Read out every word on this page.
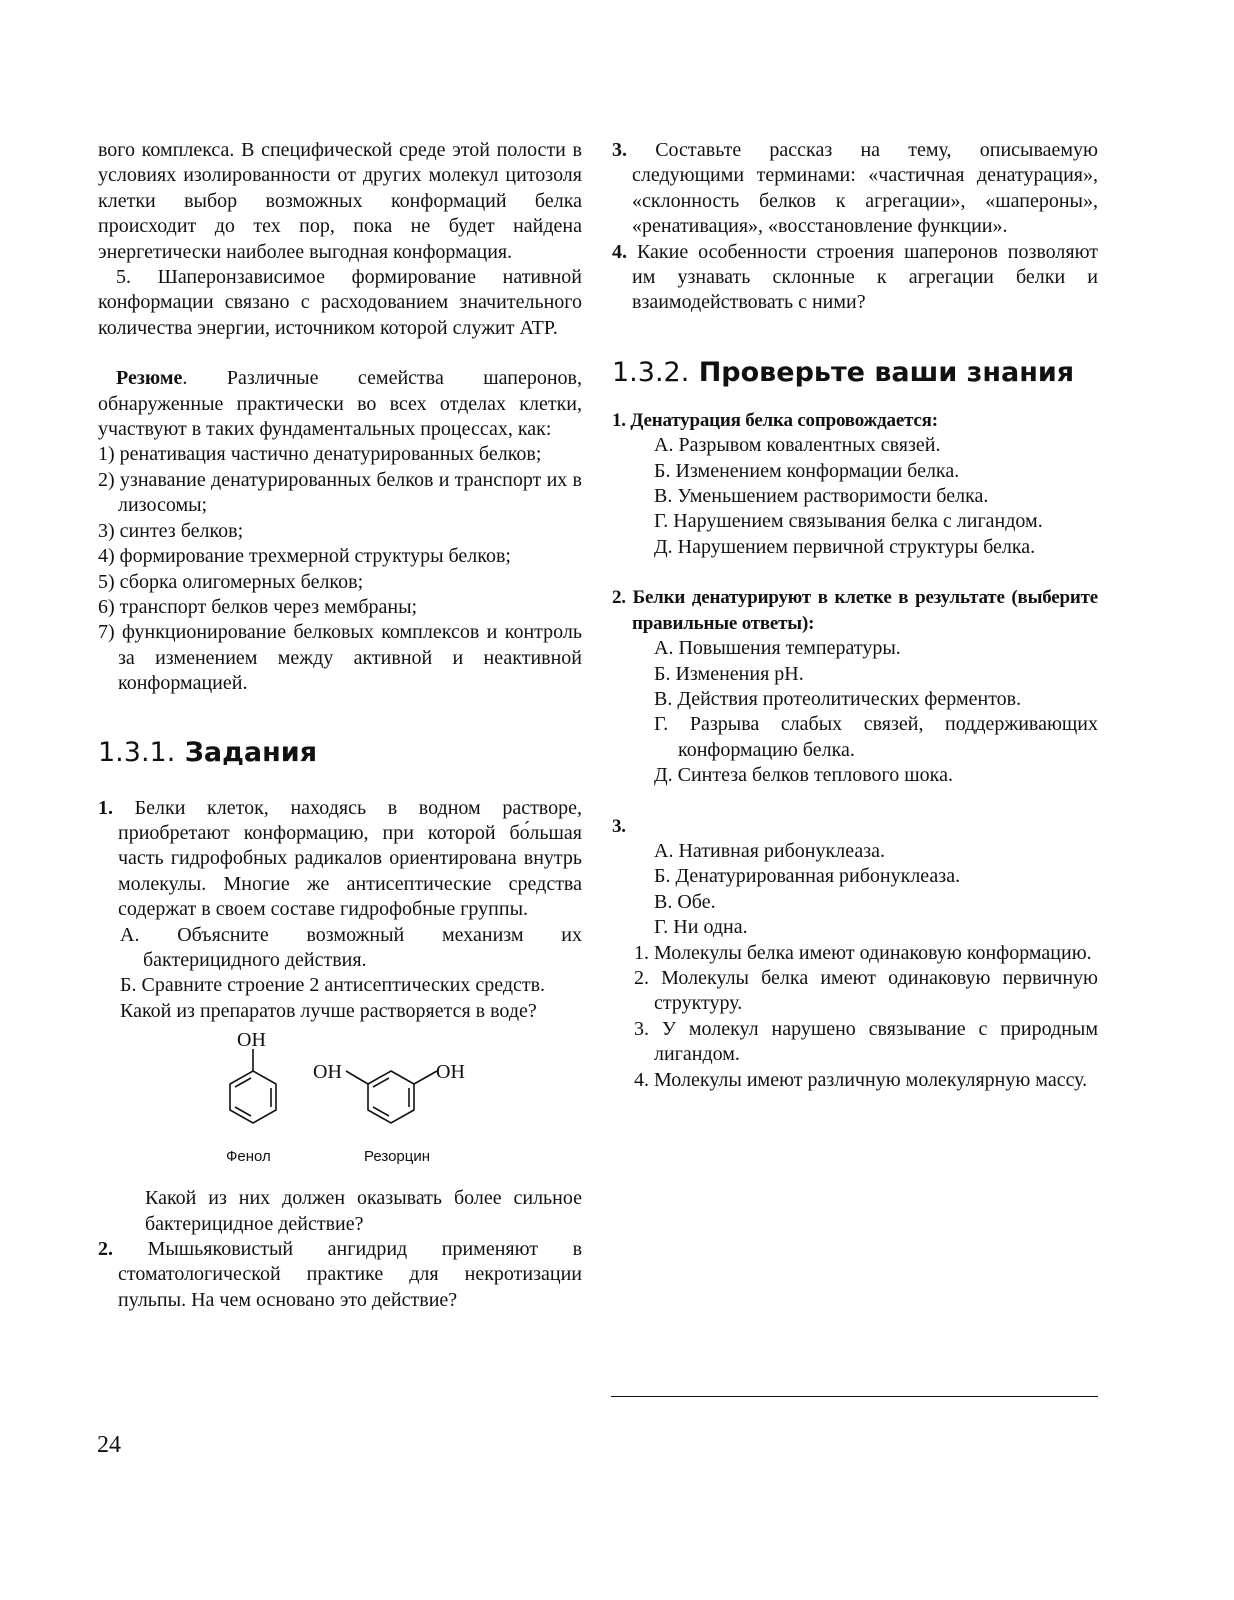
вого комплекса. В специфической среде этой полости в условиях изолированности от других молекул цитозоля клетки выбор возможных конформаций белка происходит до тех пор, пока не будет найдена энергетически наиболее выгодная конформация.

5. Шаперонзависимое формирование нативной конформации связано с расходованием значительного количества энергии, источником которой служит ATP.

Резюме. Различные семейства шаперонов, обнаруженные практически во всех отделах клетки, участвуют в таких фундаментальных процессах, как:

1) ренативация частично денатурированных белков;

2) узнавание денатурированных белков и транспорт их в лизосомы;

3) синтез белков;

4) формирование трехмерной структуры белков;

5) сборка олигомерных белков;

6) транспорт белков через мембраны;

7) функционирование белковых комплексов и контроль за изменением между активной и неактивной конформацией.

1.3.1. Задания

1. Белки клеток, находясь в водном растворе, приобретают конформацию, при которой бо́льшая часть гидрофобных радикалов ориентирована внутрь молекулы. Многие же антисептические средства содержат в своем составе гидрофобные группы.

А. Объясните возможный механизм их бактерицидного действия.

Б. Сравните строение 2 антисептических средств.

Какой из препаратов лучше растворяется в воде?

OH
OH	OH
Фенол	Резорцин

Какой из них должен оказывать более сильное бактерицидное действие?

2. Мышьяковистый ангидрид применяют в стоматологической практике для некротизации пульпы. На чем основано это действие?

3. Составьте рассказ на тему, описываемую следующими терминами: «частичная денатурация», «склонность белков к агрегации», «шапероны», «ренативация», «восстановление функции».

4. Какие особенности строения шаперонов позволяют им узнавать склонные к агрегации белки и взаимодействовать с ними?

1.3.2. Проверьте ваши знания

1. Денатурация белка сопровождается:

А. Разрывом ковалентных связей.

Б. Изменением конформации белка.

В. Уменьшением растворимости белка.

Г. Нарушением связывания белка с лигандом.

Д. Нарушением первичной структуры белка.

2. Белки денатурируют в клетке в результате (выберите правильные ответы):

А. Повышения температуры.

Б. Изменения pH.

В. Действия протеолитических ферментов.

Г. Разрыва слабых связей, поддерживающих конформацию белка.

Д. Синтеза белков теплового шока.

3.

А. Нативная рибонуклеаза.

Б. Денатурированная рибонуклеаза.

В. Обе.

Г. Ни одна.

1. Молекулы белка имеют одинаковую конформацию.

2. Молекулы белка имеют одинаковую первичную структуру.

3. У молекул нарушено связывание с природным лигандом.

4. Молекулы имеют различную молекулярную массу.

24
